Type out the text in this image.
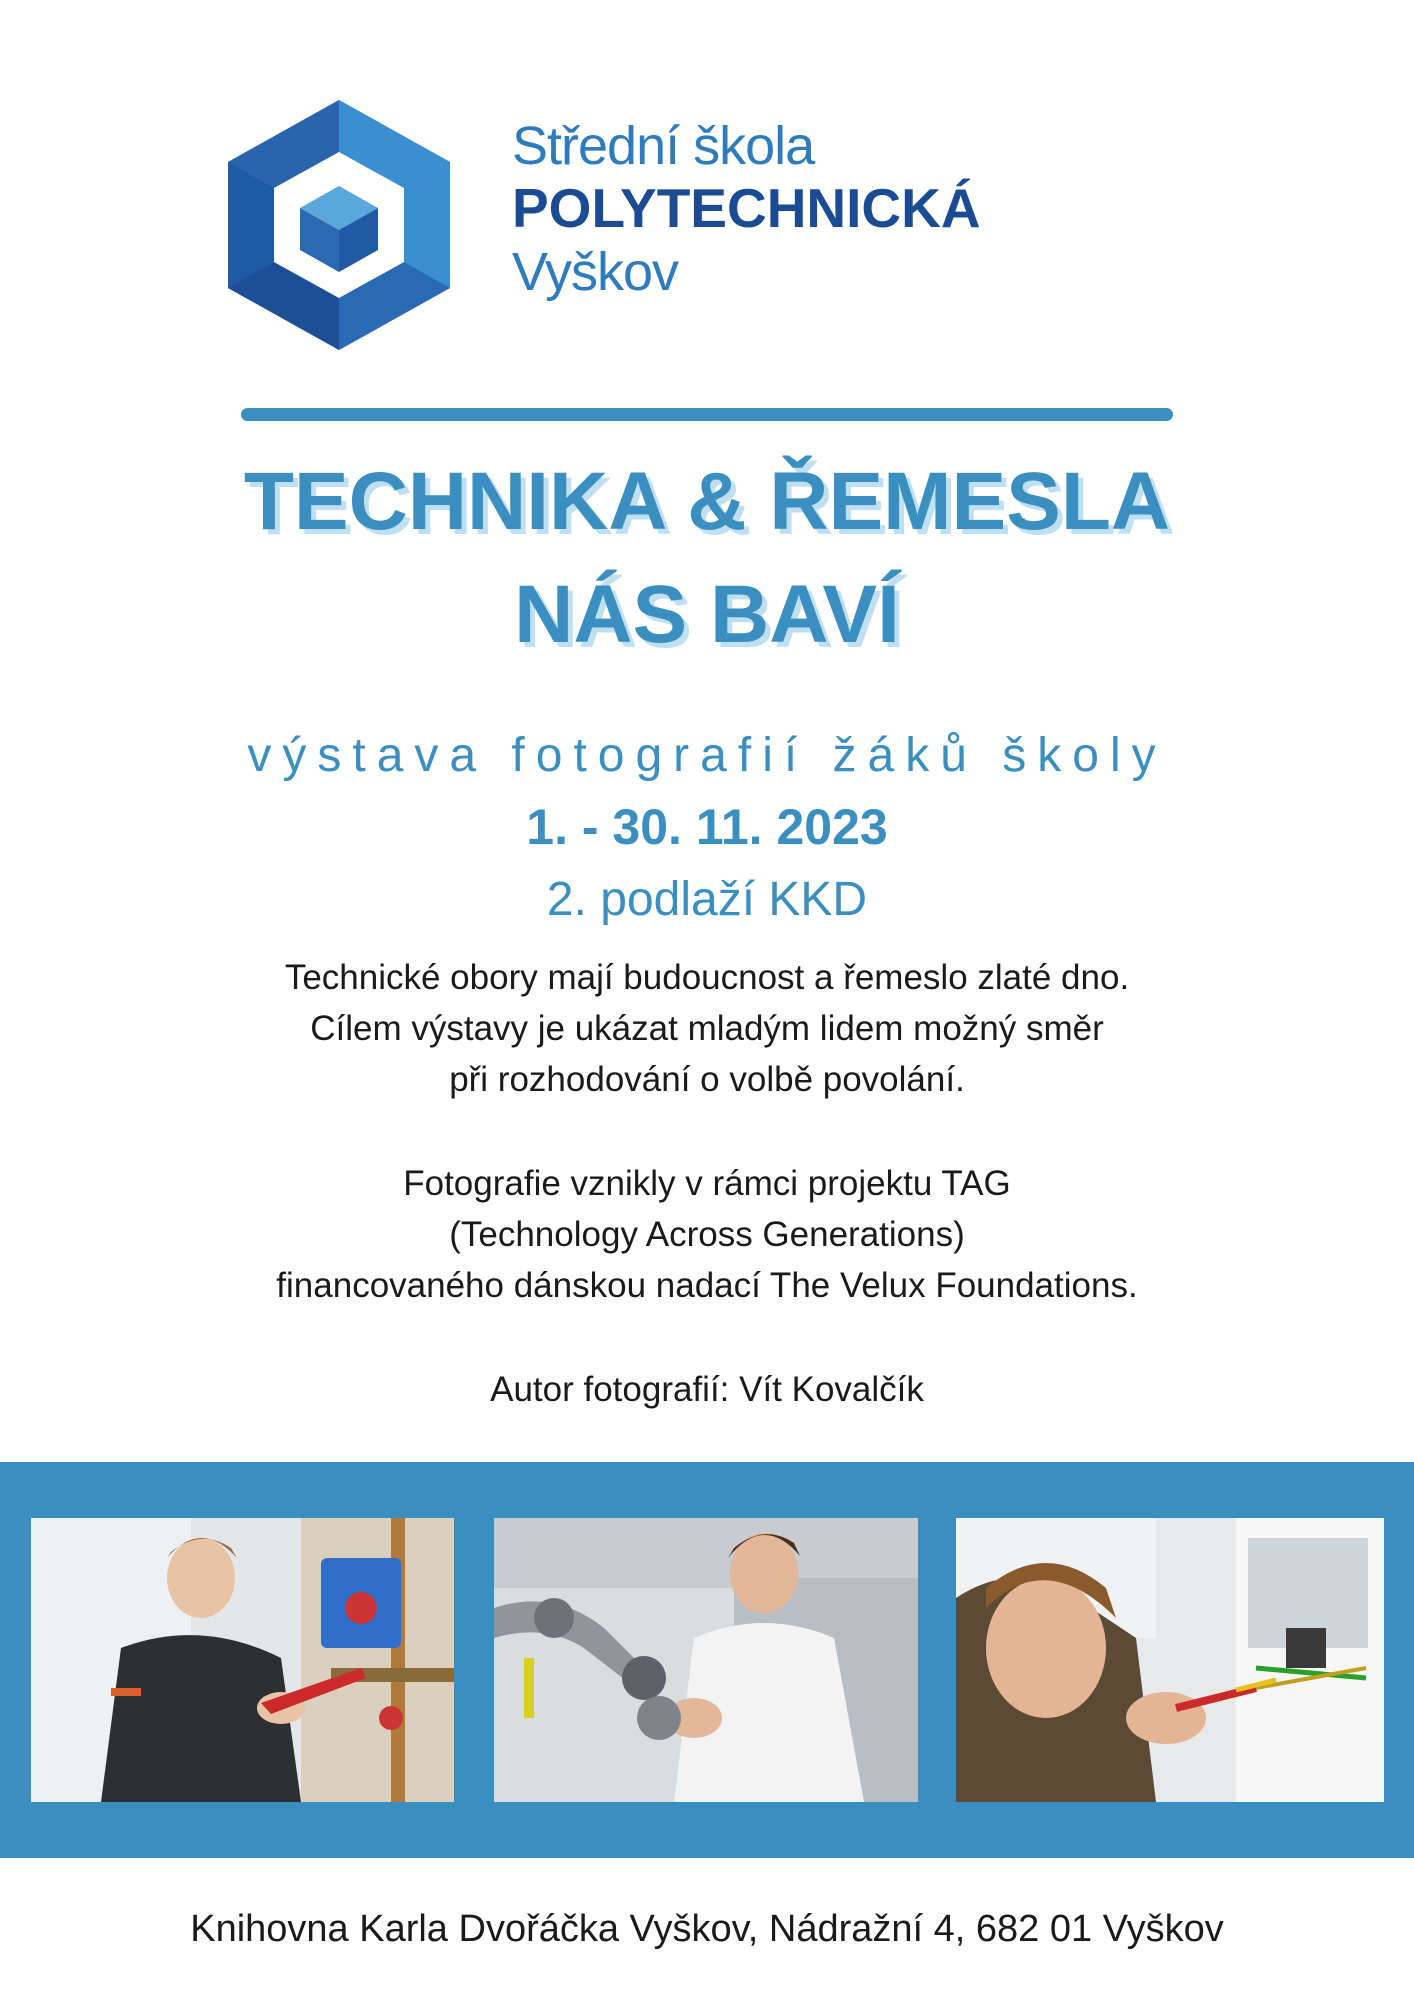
Střední škola
POLYTECHNICKÁ
Vyškov
TECHNIKA & ŘEMESLA
NÁS BAVÍ
výstava fotografií žáků školy
1. - 30. 11. 2023
2. podlaží KKD
Technické obory mají budoucnost a řemeslo zlaté dno.
Cílem výstavy je ukázat mladým lidem možný směr
při rozhodování o volbě povolání.
Fotografie vznikly v rámci projektu TAG
(Technology Across Generations)
financovaného dánskou nadací The Velux Foundations.
Autor fotografií: Vít Kovalčík
Knihovna Karla Dvořáčka Vyškov, Nádražní 4, 682 01 Vyškov
